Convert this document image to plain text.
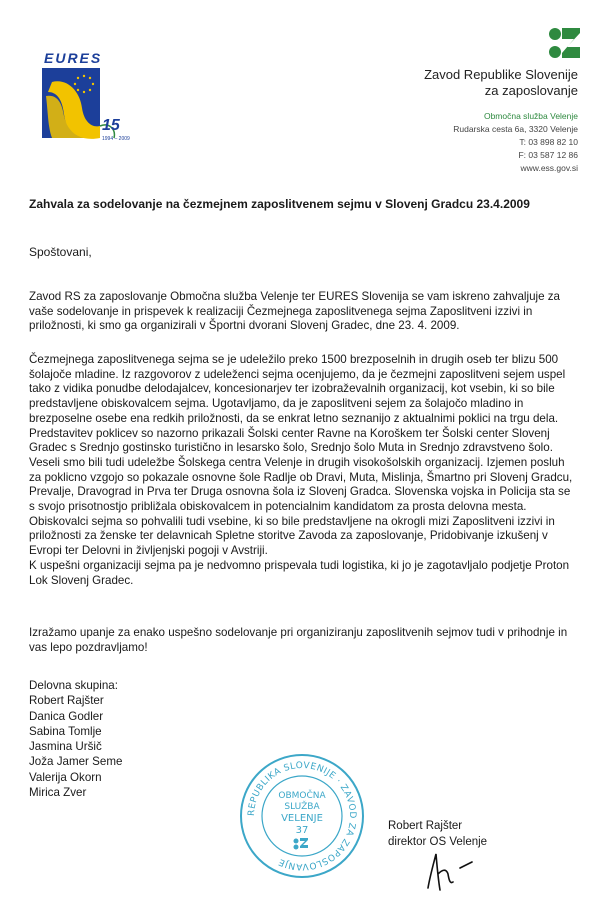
EURES
15
1994 – 2009
Zavod Republike Slovenije
za zaposlovanje
Območna služba Velenje
Rudarska cesta 6a, 3320 Velenje
T: 03 898 82 10
F: 03 587 12 86
www.ess.gov.si
Zahvala za sodelovanje na čezmejnem zaposlitvenem sejmu v Slovenj Gradcu 23.4.2009
Spoštovani,

Zavod RS za zaposlovanje Območna služba Velenje ter EURES Slovenija se vam iskreno zahvaljuje za vaše sodelovanje in prispevek k realizaciji Čezmejnega zaposlitvenega sejma Zaposlitveni izzivi in priložnosti, ki smo ga organizirali v Športni dvorani Slovenj Gradec, dne 23. 4. 2009.

Čezmejnega zaposlitvenega sejma se je udeležilo preko 1500 brezposelnih in drugih oseb ter blizu 500 šolajoče mladine. Iz razgovorov z udeleženci sejma ocenjujemo, da je čezmejni zaposlitveni sejem uspel tako z vidika ponudbe delodajalcev, koncesionarjev ter izobraževalnih organizacij, kot vsebin, ki so bile predstavljene obiskovalcem sejma. Ugotavljamo, da je zaposlitveni sejem za šolajočo mladino in brezposelne osebe ena redkih priložnosti, da se enkrat letno seznanijo z aktualnimi poklici na trgu dela. Predstavitev poklicev so nazorno prikazali Šolski center Ravne na Koroškem ter Šolski center Slovenj Gradec s Srednjo gostinsko turistično in lesarsko šolo, Srednjo šolo Muta in Srednjo zdravstveno šolo. Veseli smo bili tudi udeležbe Šolskega centra Velenje in drugih visokošolskih organizacij. Izjemen posluh za poklicno vzgojo so pokazale osnovne šole Radlje ob Dravi, Muta, Mislinja, Šmartno pri Slovenj Gradcu, Prevalje, Dravograd in Prva ter Druga osnovna šola iz Slovenj Gradca. Slovenska vojska in Policija sta se s svojo prisotnostjo približala obiskovalcem in potencialnim kandidatom za prosta delovna mesta. Obiskovalci sejma so pohvalili tudi vsebine, ki so bile predstavljene na okrogli mizi Zaposlitveni izzivi in priložnosti za ženske ter delavnicah Spletne storitve Zavoda za zaposlovanje, Pridobivanje izkušenj v Evropi ter Delovni in življenjski pogoji v Avstriji.
K uspešni organizaciji sejma pa je nedvomno prispevala tudi logistika, ki jo je zagotavljalo podjetje Proton Lok Slovenj Gradec.

Izražamo upanje za enako uspešno sodelovanje pri organiziranju zaposlitvenih sejmov tudi v prihodnje in vas lepo pozdravljamo!

Delovna skupina:
Robert Rajšter
Danica Godler
Sabina Tomlje
Jasmina Uršič
Joža Jamer Seme
Valerija Okorn
Mirica Zver
REPUBLIKA SLOVENIJE · ZAVOD ZA ZAPOSLOVANJE
OBMOČNA
SLUŽBA
VELENJE
37	Robert Rajšter
direktor OS Velenje
